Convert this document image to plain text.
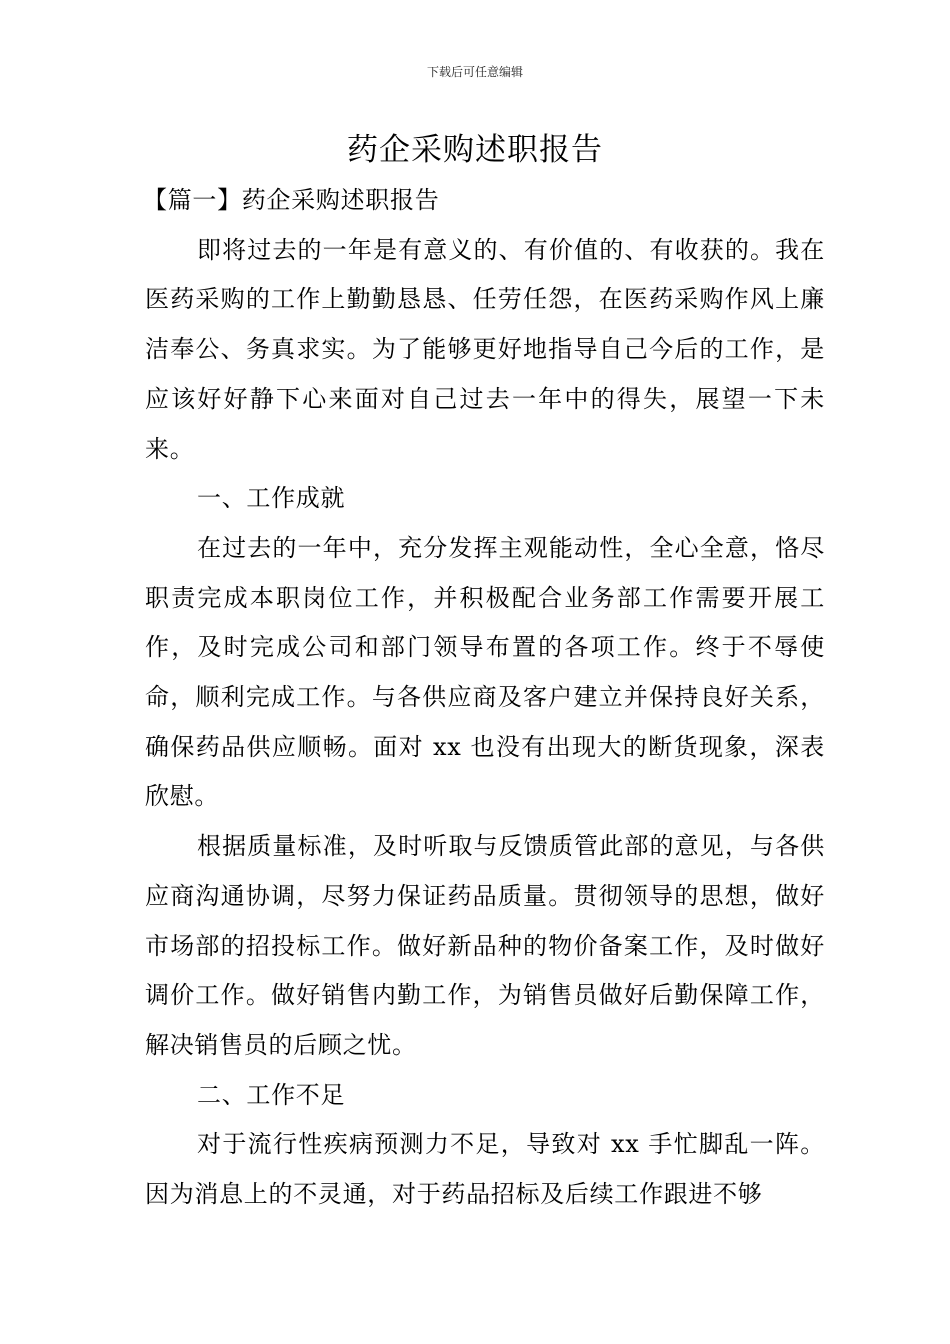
下载后可任意编辑
药企采购述职报告

【篇一】药企采购述职报告

即将过去的一年是有意义的、有价值的、有收获的。我在医药采购的工作上勤勤恳恳、任劳任怨，在医药采购作风上廉洁奉公、务真求实。为了能够更好地指导自己今后的工作，是应该好好静下心来面对自己过去一年中的得失，展望一下未来。

一、工作成就

在过去的一年中，充分发挥主观能动性，全心全意，恪尽职责完成本职岗位工作，并积极配合业务部工作需要开展工作，及时完成公司和部门领导布置的各项工作。终于不辱使命，顺利完成工作。与各供应商及客户建立并保持良好关系，确保药品供应顺畅。面对 xx 也没有出现大的断货现象，深表欣慰。

根据质量标准，及时听取与反馈质管此部的意见，与各供应商沟通协调，尽努力保证药品质量。贯彻领导的思想，做好市场部的招投标工作。做好新品种的物价备案工作，及时做好调价工作。做好销售内勤工作，为销售员做好后勤保障工作，解决销售员的后顾之忧。

二、工作不足

对于流行性疾病预测力不足，导致对 xx 手忙脚乱一阵。因为消息上的不灵通，对于药品招标及后续工作跟进不够
